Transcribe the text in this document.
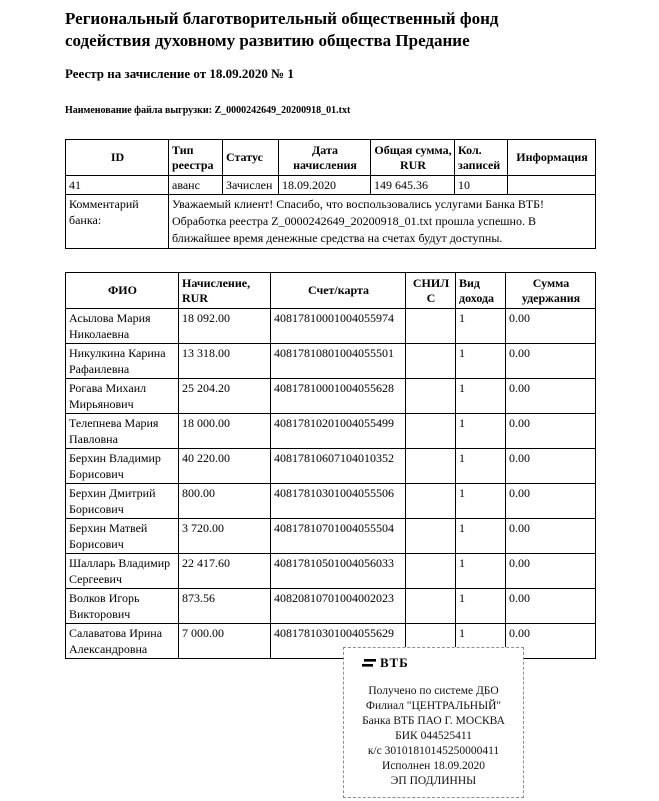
Региональный благотворительный общественный фонд
содействия духовному развитию общества Предание
Реестр на зачисление от 18.09.2020 № 1
Наименование файла выгрузки: Z_0000242649_20200918_01.txt
ID	Тип реестра	Статус	Дата начисления	Общая сумма, RUR	Кол. записей	Информация
41	аванс	Зачислен	18.09.2020	149 645.36	10	
Комментарий банка:	Уважаемый клиент! Спасибо, что воспользовались услугами Банка ВТБ! Обработка реестра Z_0000242649_20200918_01.txt прошла успешно. В ближайшее время денежные средства на счетах будут доступны.					
ФИО	Начисление, RUR	Счет/карта	СНИЛС	Вид дохода	Сумма удержания
Асылова Мария Николаевна	18 092.00	40817810001004055974		1	0.00
Никулкина Карина Рафаилевна	13 318.00	40817810801004055501		1	0.00
Рогава Михаил Мирьянович	25 204.20	40817810001004055628		1	0.00
Телепнева Мария Павловна	18 000.00	40817810201004055499		1	0.00
Берхин Владимир Борисович	40 220.00	40817810607104010352		1	0.00
Берхин Дмитрий Борисович	800.00	40817810301004055506		1	0.00
Берхин Матвей Борисович	3 720.00	40817810701004055504		1	0.00
Шалларь Владимир Сергеевич	22 417.60	40817810501004056033		1	0.00
Волков Игорь Викторович	873.56	40820810701004002023		1	0.00
Салаватова Ирина Александровна	7 000.00	40817810301004055629		1	0.00
ВТБ
Получено по системе ДБО
Филиал "ЦЕНТРАЛЬНЫЙ"
Банка ВТБ ПАО Г. МОСКВА
БИК 044525411
к/с 30101810145250000411
Исполнен 18.09.2020
ЭП ПОДЛИННЫ
